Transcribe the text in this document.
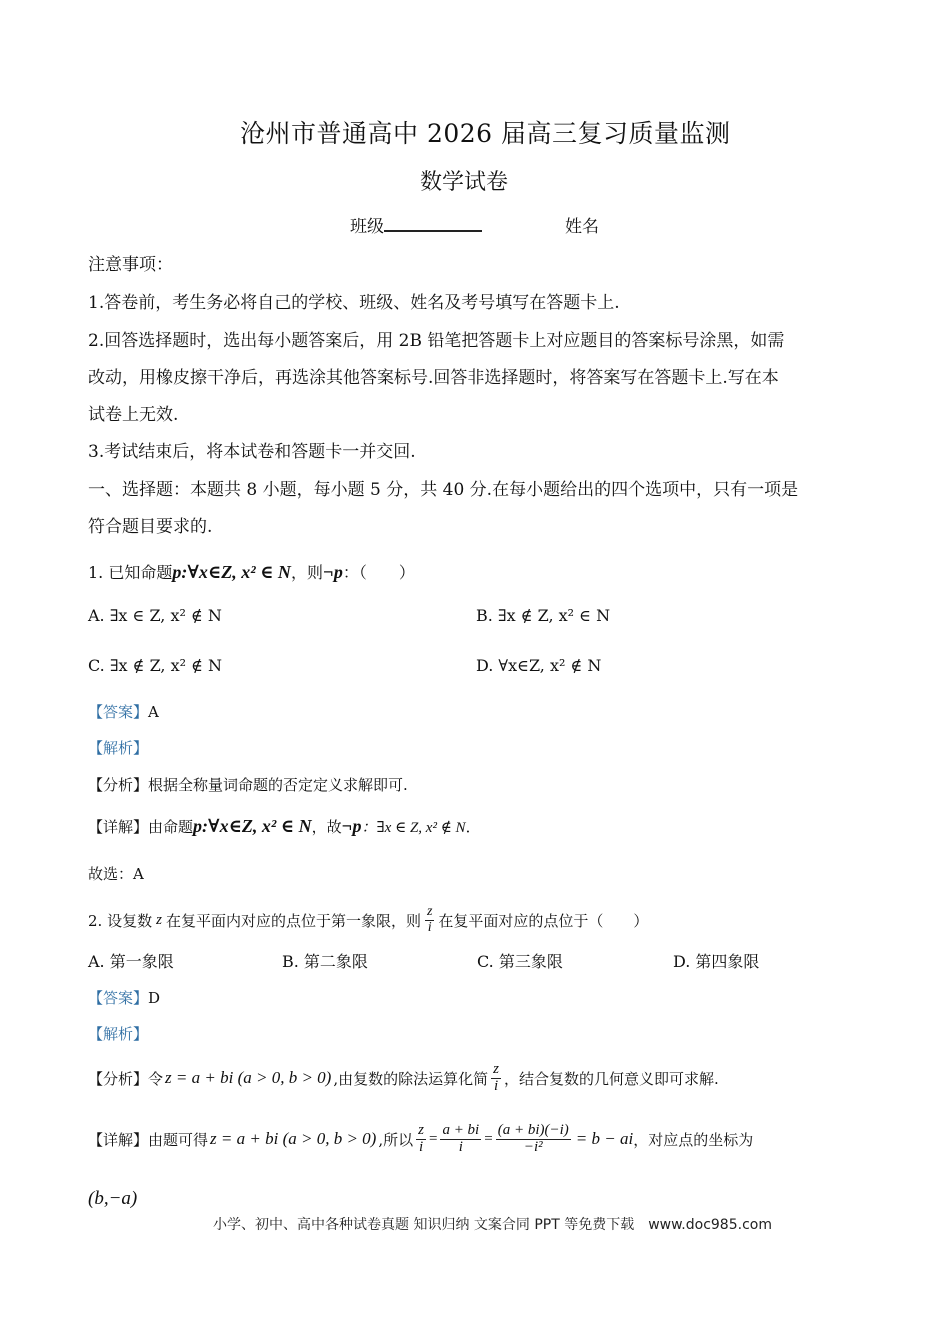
沧州市普通高中 2026 届高三复习质量监测
数学试卷
班级	姓名
注意事项：
1.答卷前，考生务必将自己的学校、班级、姓名及考号填写在答题卡上.
2.回答选择题时，选出每小题答案后，用 2B 铅笔把答题卡上对应题目的答案标号涂黑，如需
改动，用橡皮擦干净后，再选涂其他答案标号.回答非选择题时，将答案写在答题卡上.写在本
试卷上无效.
3.考试结束后，将本试卷和答题卡一并交回.
一、选择题：本题共 8 小题，每小题 5 分，共 40 分.在每小题给出的四个选项中，只有一项是
符合题目要求的.
1. 已知命题p:∀x∈Z, x² ∈ N，则¬p：（　　）
A. ∃x ∈ Z, x² ∉ N	B. ∃x ∉ Z, x² ∈ N
C. ∃x ∉ Z, x² ∉ N	D. ∀x∈Z, x² ∉ N
【答案】A
【解析】
【分析】根据全称量词命题的否定定义求解即可.
【详解】由命题p:∀x∈Z, x² ∈ N，故¬p：∃x ∈ Z, x² ∉ N．
故选：A
2. 设复数 z 在复平面内对应的点位于第一象限，则 $\frac{z}{i}$ 在复平面对应的点位于（　　）
A. 第一象限	B. 第二象限	C. 第三象限	D. 第四象限
【答案】D
【解析】
【分析】 令 z = a + bi (a > 0, b > 0) ,由复数的除法运算化简 $\frac{z}{i}$ ，结合复数的几何意义即可求解.
【详解】 由题可得 z = a + bi (a > 0, b > 0) ,所以 $\frac{z}{i} = \frac{a + bi}{i} = \frac{(a + bi)(-i)}{\text{−i²}} = b$ − ai ，对应点的坐标为
(b,−a)
小学、初中、高中各种试卷真题 知识归纳 文案合同 PPT 等免费下载　www.doc985.com
